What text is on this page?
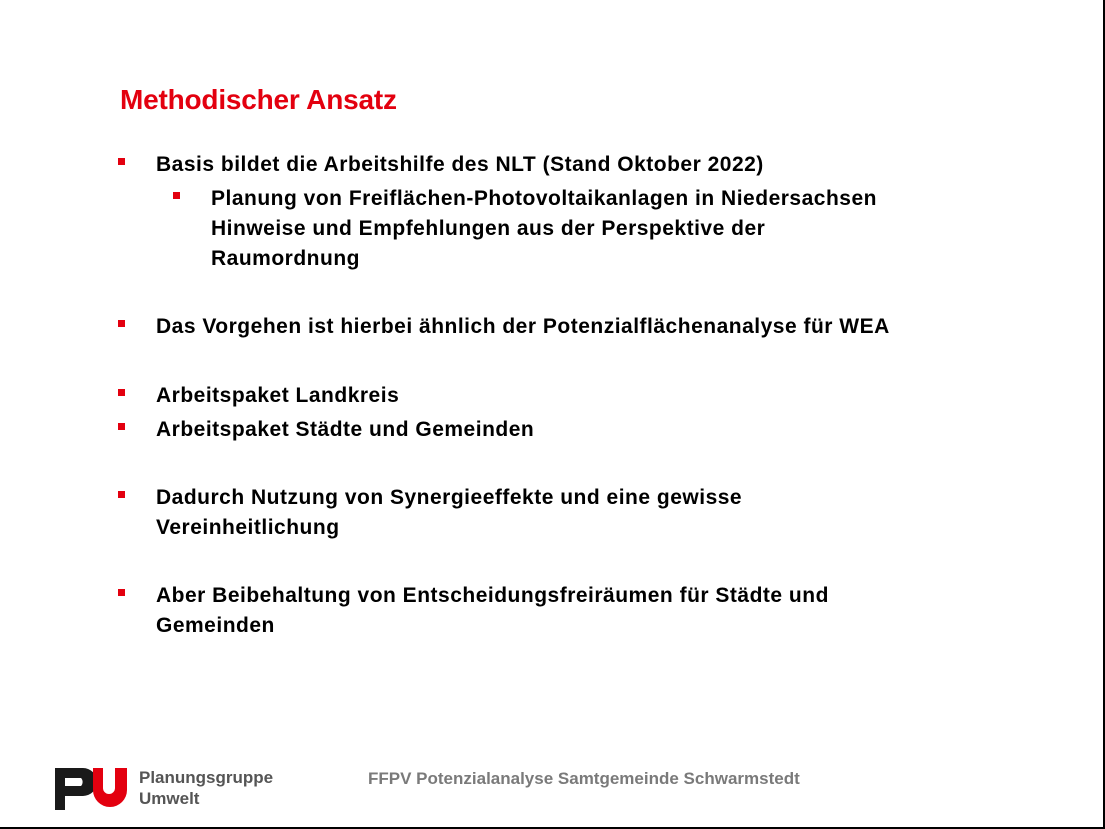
Methodischer Ansatz
Basis bildet die Arbeitshilfe des NLT (Stand Oktober 2022)
Planung von Freiflächen-Photovoltaikanlagen in Niedersachsen
Hinweise und Empfehlungen aus der Perspektive der
Raumordnung
Das Vorgehen ist hierbei ähnlich der Potenzialflächenanalyse für WEA
Arbeitspaket Landkreis
Arbeitspaket Städte und Gemeinden
Dadurch Nutzung von Synergieeffekte und eine gewisse
Vereinheitlichung
Aber Beibehaltung von Entscheidungsfreiräumen für Städte und
Gemeinden
Planungsgruppe
Umwelt
FFPV Potenzialanalyse Samtgemeinde Schwarmstedt
